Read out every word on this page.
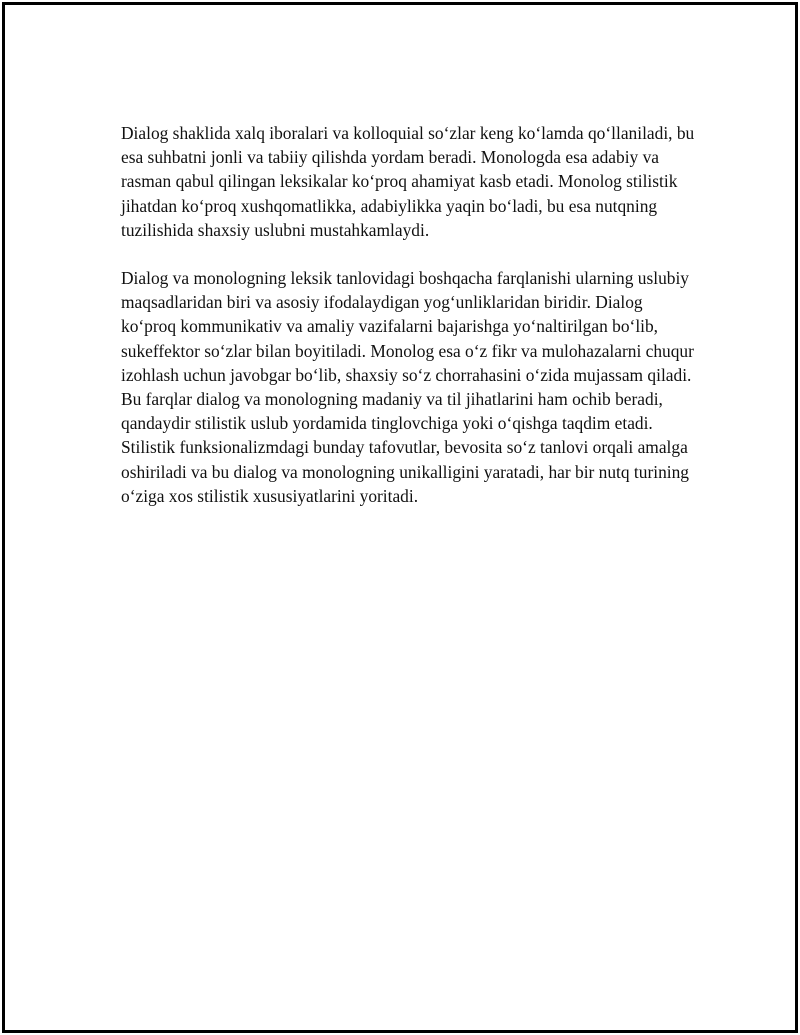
Dialog shaklida xalq iboralari va kolloquial so‘zlar keng ko‘lamda qo‘llaniladi, bu esa suhbatni jonli va tabiiy qilishda yordam beradi. Monologda esa adabiy va rasman qabul qilingan leksikalar ko‘proq ahamiyat kasb etadi. Monolog stilistik jihatdan ko‘proq xushqomatlikka, adabiylikka yaqin bo‘ladi, bu esa nutqning tuzilishida shaxsiy uslubni mustahkamlaydi.

Dialog va monologning leksik tanlovidagi boshqacha farqlanishi ularning uslubiy maqsadlaridan biri va asosiy ifodalaydigan yog‘unliklaridan biridir. Dialog ko‘proq kommunikativ va amaliy vazifalarni bajarishga yo‘naltirilgan bo‘lib, sukeffektor so‘zlar bilan boyitiladi. Monolog esa o‘z fikr va mulohazalarni chuqur izohlash uchun javobgar bo‘lib, shaxsiy so‘z chorrahasini o‘zida mujassam qiladi. Bu farqlar dialog va monologning madaniy va til jihatlarini ham ochib beradi, qandaydir stilistik uslub yordamida tinglovchiga yoki o‘qishga taqdim etadi. Stilistik funksionalizmdagi bunday tafovutlar, bevosita so‘z tanlovi orqali amalga oshiriladi va bu dialog va monologning unikalligini yaratadi, har bir nutq turining o‘ziga xos stilistik xususiyatlarini yoritadi.
